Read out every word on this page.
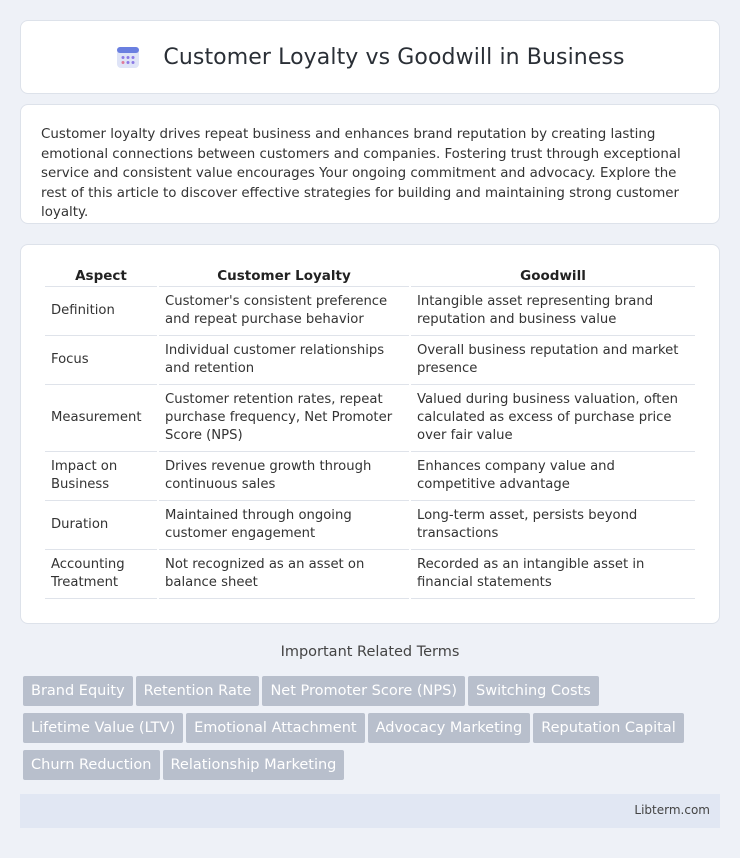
Customer Loyalty vs Goodwill in Business

Customer loyalty drives repeat business and enhances brand reputation by creating lasting emotional connections between customers and companies. Fostering trust through exceptional service and consistent value encourages Your ongoing commitment and advocacy. Explore the rest of this article to discover effective strategies for building and maintaining strong customer loyalty.

Aspect	Customer Loyalty	Goodwill
Definition	Customer's consistent preference and repeat purchase behavior	Intangible asset representing brand reputation and business value
Focus	Individual customer relationships and retention	Overall business reputation and market presence
Measurement	Customer retention rates, repeat purchase frequency, Net Promoter Score (NPS)	Valued during business valuation, often calculated as excess of purchase price over fair value
Impact on Business	Drives revenue growth through continuous sales	Enhances company value and competitive advantage
Duration	Maintained through ongoing customer engagement	Long-term asset, persists beyond transactions
Accounting Treatment	Not recognized as an asset on balance sheet	Recorded as an intangible asset in financial statements
Important Related Terms
Brand Equity Retention Rate Net Promoter Score (NPS) Switching Costs
Lifetime Value (LTV) Emotional Attachment Advocacy Marketing Reputation Capital
Churn Reduction Relationship Marketing
Libterm.com
